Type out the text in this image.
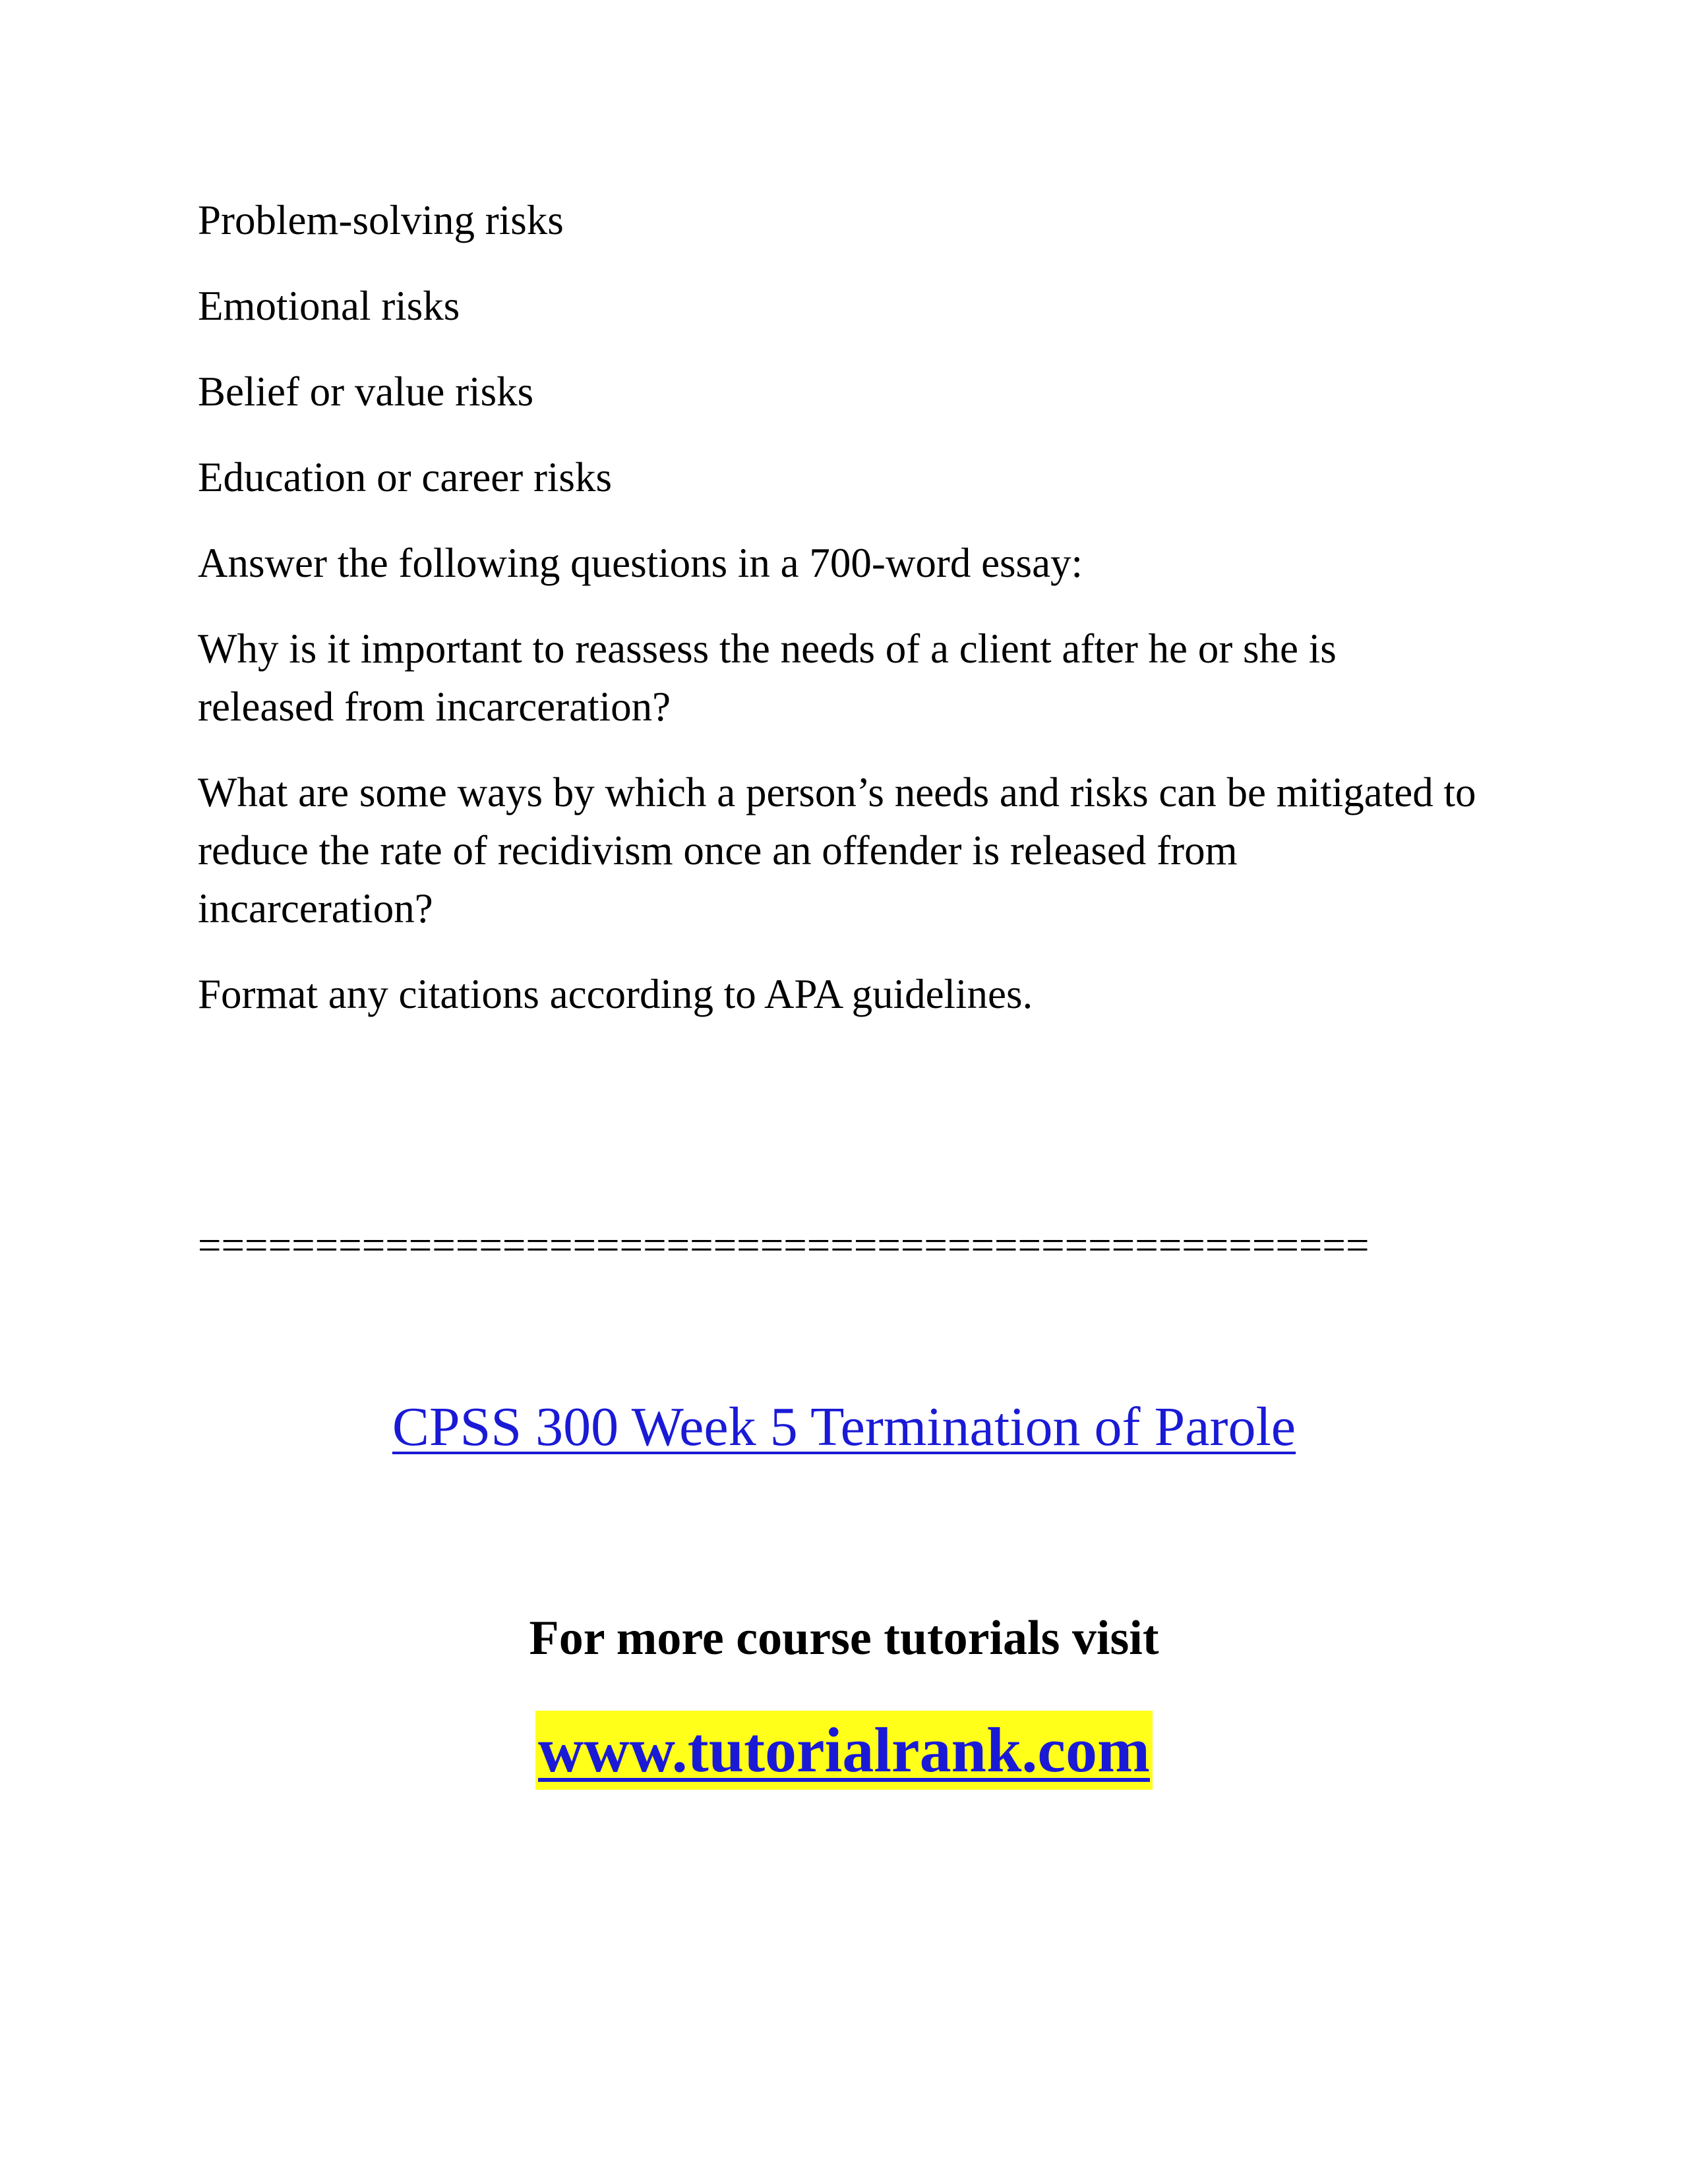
Problem-solving risks

Emotional risks

Belief or value risks

Education or career risks

Answer the following questions in a 700-word essay:

Why is it important to reassess the needs of a client after he or she is released from incarceration?

What are some ways by which a person’s needs and risks can be mitigated to reduce the rate of recidivism once an offender is released from incarceration?

Format any citations according to APA guidelines.

==================================================
CPSS 300 Week 5 Termination of Parole
For more course tutorials visit
www.tutorialrank.com
